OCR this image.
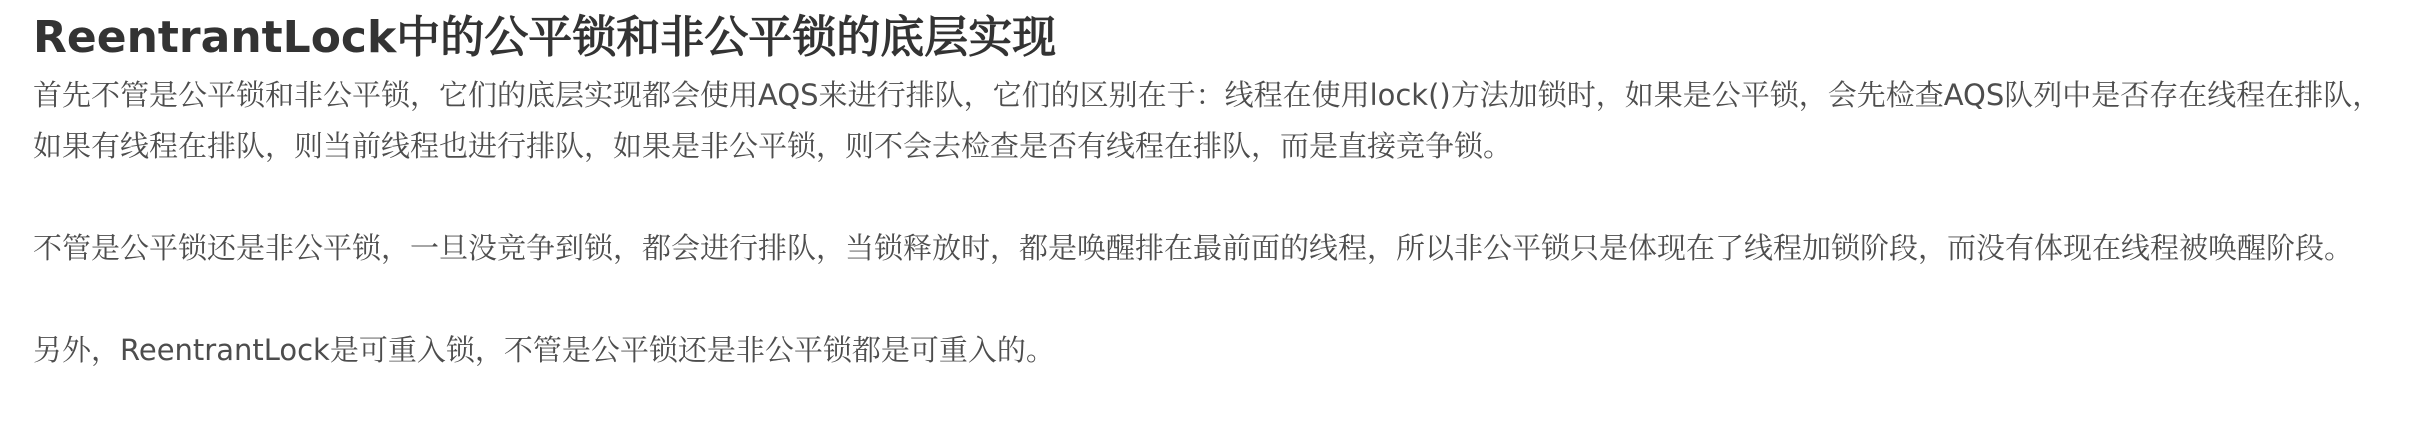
ReentrantLock中的公平锁和非公平锁的底层实现

首先不管是公平锁和非公平锁，它们的底层实现都会使用AQS来进行排队，它们的区别在于：线程在使用lock()方法加锁时，如果是公平锁，会先检查AQS队列中是否存在线程在排队，如果有线程在排队，则当前线程也进行排队，如果是非公平锁，则不会去检查是否有线程在排队，而是直接竞争锁。

不管是公平锁还是非公平锁，一旦没竞争到锁，都会进行排队，当锁释放时，都是唤醒排在最前面的线程，所以非公平锁只是体现在了线程加锁阶段，而没有体现在线程被唤醒阶段。

另外，ReentrantLock是可重入锁，不管是公平锁还是非公平锁都是可重入的。
